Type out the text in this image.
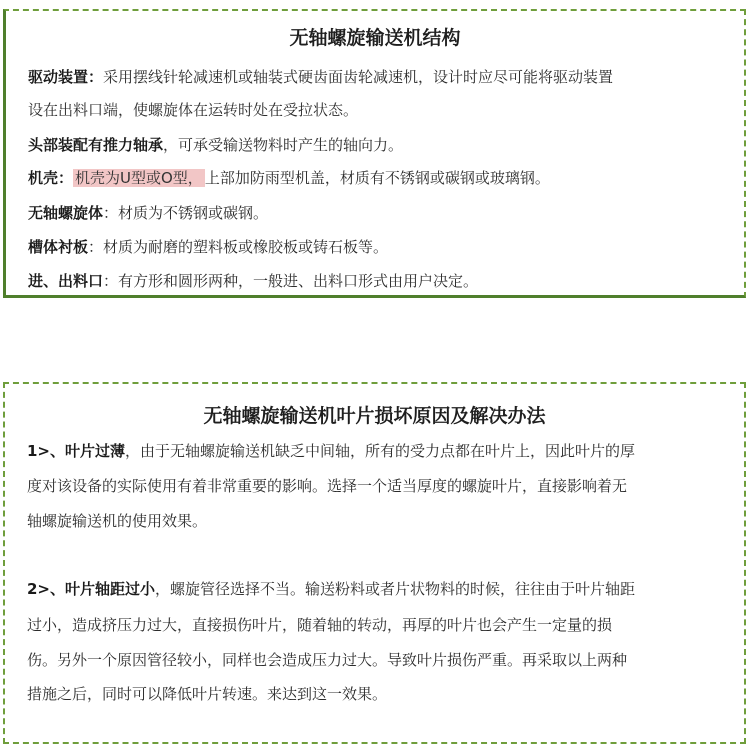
无轴螺旋输送机结构
驱动装置：采用摆线针轮减速机或轴装式硬齿面齿轮减速机，设计时应尽可能将驱动装置
设在出料口端，使螺旋体在运转时处在受拉状态。
头部装配有推力轴承，可承受输送物料时产生的轴向力。
机壳： 机壳为U型或O型， 上部加防雨型机盖，材质有不锈钢或碳钢或玻璃钢。
无轴螺旋体：材质为不锈钢或碳钢。
槽体衬板：材质为耐磨的塑料板或橡胶板或铸石板等。
进、出料口：有方形和圆形两种，一般进、出料口形式由用户决定。
无轴螺旋输送机叶片损坏原因及解决办法
1>、叶片过薄，由于无轴螺旋输送机缺乏中间轴，所有的受力点都在叶片上，因此叶片的厚
度对该设备的实际使用有着非常重要的影响。选择一个适当厚度的螺旋叶片，直接影响着无
轴螺旋输送机的使用效果。
2>、叶片轴距过小，螺旋管径选择不当。输送粉料或者片状物料的时候，往往由于叶片轴距
过小，造成挤压力过大，直接损伤叶片，随着轴的转动，再厚的叶片也会产生一定量的损
伤。另外一个原因管径较小，同样也会造成压力过大。导致叶片损伤严重。再采取以上两种
措施之后，同时可以降低叶片转速。来达到这一效果。
